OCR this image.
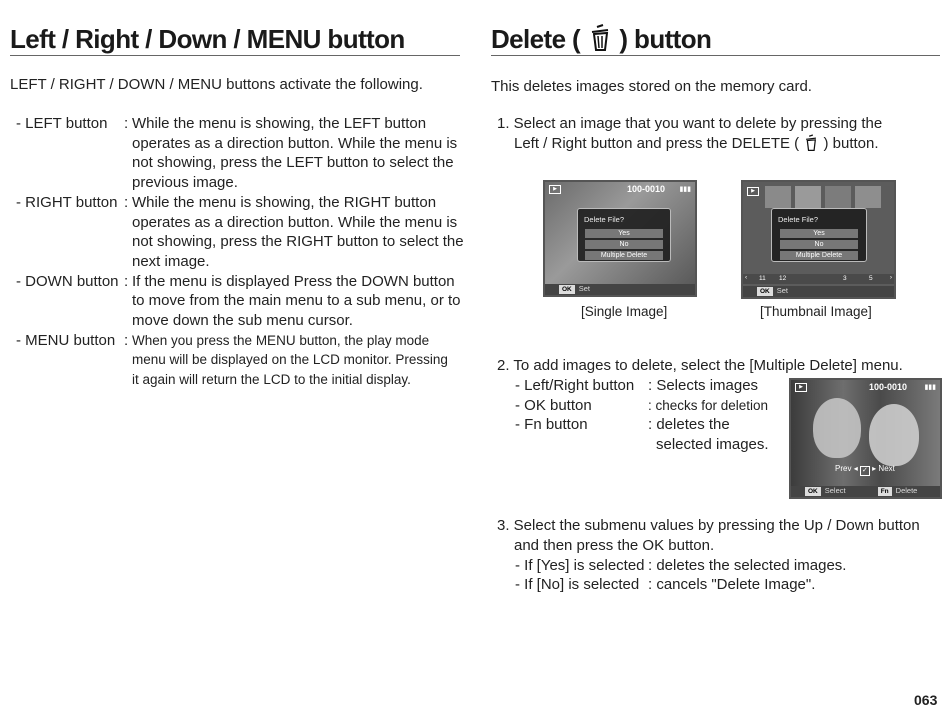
Left / Right / Down / MENU button
LEFT / RIGHT / DOWN / MENU buttons activate the following.
- LEFT button : While the menu is showing, the LEFT button
operates as a direction button. While the menu is
not showing, press the LEFT button to select the
previous image.
- RIGHT button : While the menu is showing, the RIGHT button
operates as a direction button. While the menu is
not showing, press the RIGHT button to select the
next image.
- DOWN button : If the menu is displayed Press the DOWN button
to move from the main menu to a sub menu, or to
move down the sub menu cursor.
- MENU button : When you press the MENU button, the play mode
menu will be displayed on the LCD monitor. Pressing
it again will return the LCD to the initial display.
Delete ( ) button
This deletes images stored on the memory card.
1. Select an image that you want to delete by pressing the
Left / Right button and press the DELETE ( ) button.
▶	100-0010 ▮▮▮
Delete File?
Yes
No
Multiple Delete
OK Set
▶
Delete File?
Yes
No
Multiple Delete
‹ 11 12	3	5	›
OK Set
[Single Image]	[Thumbnail Image]
2. To add images to delete, select the [Multiple Delete] menu.
- Left/Right button : Selects images
- OK button	: checks for deletion
- Fn button	: deletes the
selected images.
▶	100-0010 ▮▮▮
Prev ◂ ✓ ▸ Next
OK Select	Fn Delete
3. Select the submenu values by pressing the Up / Down button
and then press the OK button.
- If [Yes] is selected : deletes the selected images.
- If [No] is selected : cancels "Delete Image".
063
